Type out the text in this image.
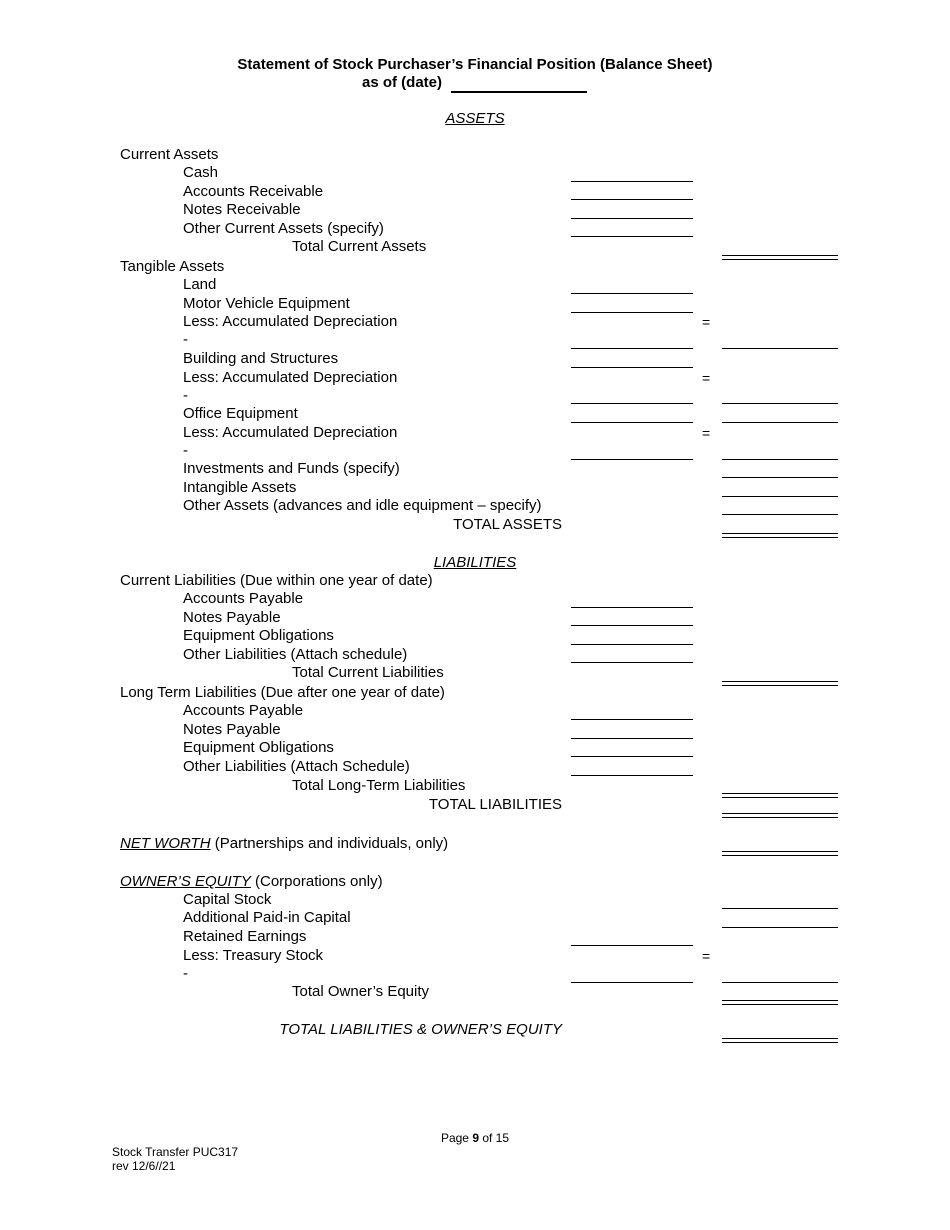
Statement of Stock Purchaser’s Financial Position (Balance Sheet)
as of (date)
ASSETS
Current Assets
Cash
Accounts Receivable
Notes Receivable
Other Current Assets (specify)
Total Current Assets
Tangible Assets
Land
Motor Vehicle Equipment
Less: Accumulated Depreciation	=
-
Building and Structures
Less: Accumulated Depreciation	=
-
Office Equipment
Less: Accumulated Depreciation	=
-
Investments and Funds (specify)
Intangible Assets
Other Assets (advances and idle equipment – specify)
TOTAL ASSETS
LIABILITIES
Current Liabilities (Due within one year of date)
Accounts Payable
Notes Payable
Equipment Obligations
Other Liabilities (Attach schedule)
Total Current Liabilities
Long Term Liabilities (Due after one year of date)
Accounts Payable
Notes Payable
Equipment Obligations
Other Liabilities (Attach Schedule)
Total Long-Term Liabilities
TOTAL LIABILITIES
NET WORTH (Partnerships and individuals, only)
OWNER’S EQUITY (Corporations only)
Capital Stock
Additional Paid-in Capital
Retained Earnings
Less: Treasury Stock	=
-
Total Owner’s Equity
TOTAL LIABILITIES & OWNER’S EQUITY
Page 9 of 15
Stock Transfer PUC317
rev 12/6//21
